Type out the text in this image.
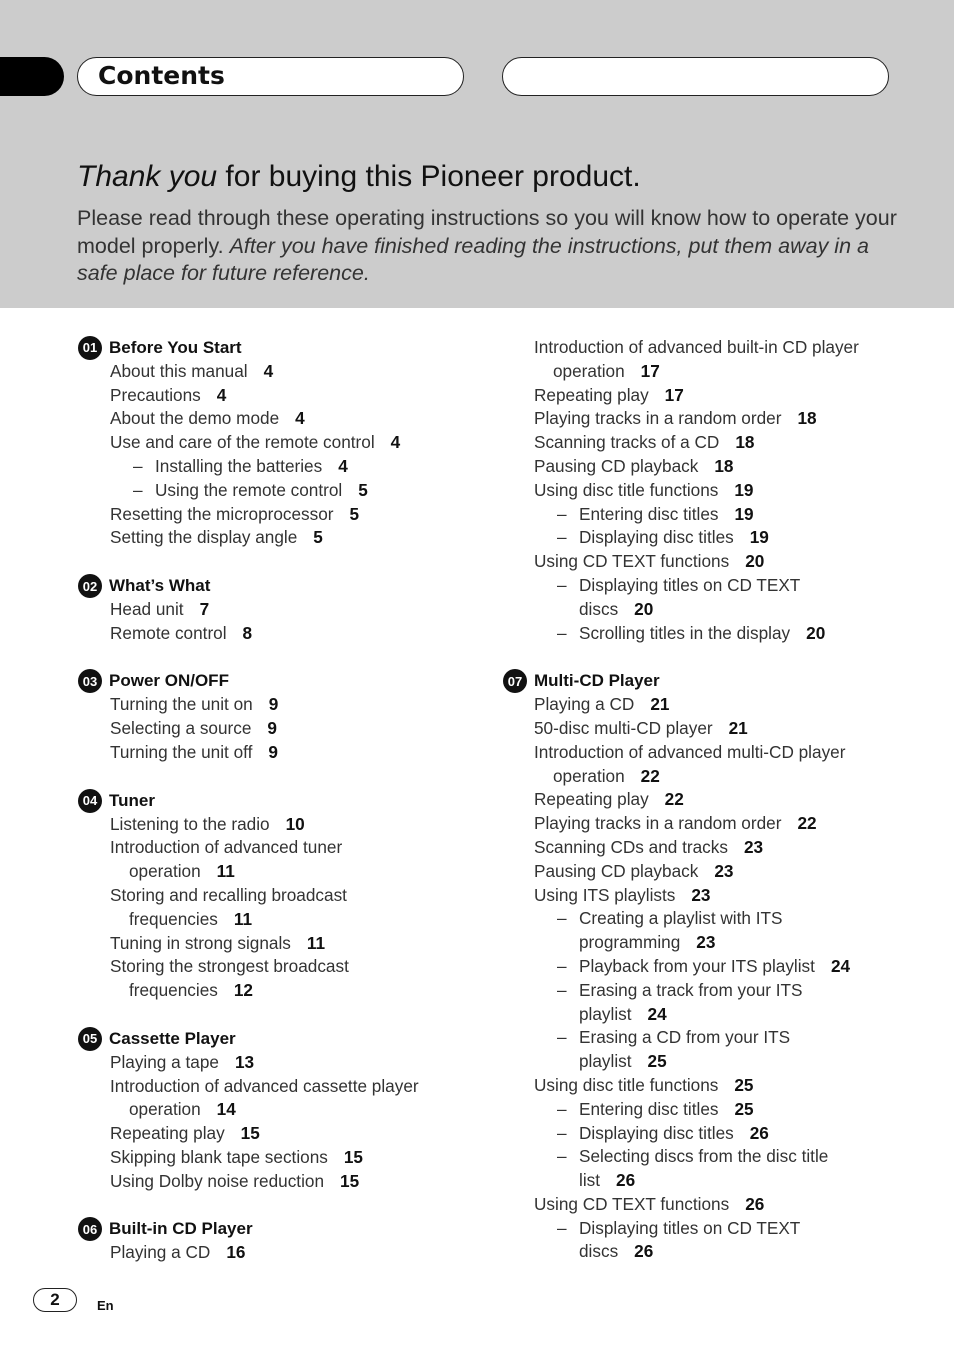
Contents
Thank you for buying this Pioneer product.

Please read through these operating instructions so you will know how to operate your model properly. After you have finished reading the instructions, put them away in a safe place for future reference.

01 Before You Start
About this manual 4
Precautions 4
About the demo mode 4
Use and care of the remote control 4
– Installing the batteries 4
– Using the remote control 5
Resetting the microprocessor 5
Setting the display angle 5
02 What’s What
Head unit 7
Remote control 8
03 Power ON/OFF
Turning the unit on 9
Selecting a source 9
Turning the unit off 9
04 Tuner
Listening to the radio 10
Introduction of advanced tuner
operation 11
Storing and recalling broadcast
frequencies 11
Tuning in strong signals 11
Storing the strongest broadcast
frequencies 12
05 Cassette Player
Playing a tape 13
Introduction of advanced cassette player
operation 14
Repeating play 15
Skipping blank tape sections 15
Using Dolby noise reduction 15
06 Built-in CD Player
Playing a CD 16
Introduction of advanced built-in CD player
operation 17
Repeating play 17
Playing tracks in a random order 18
Scanning tracks of a CD 18
Pausing CD playback 18
Using disc title functions 19
– Entering disc titles 19
– Displaying disc titles 19
Using CD TEXT functions 20
– Displaying titles on CD TEXT
discs 20
– Scrolling titles in the display 20
07 Multi-CD Player
Playing a CD 21
50-disc multi-CD player 21
Introduction of advanced multi-CD player
operation 22
Repeating play 22
Playing tracks in a random order 22
Scanning CDs and tracks 23
Pausing CD playback 23
Using ITS playlists 23
– Creating a playlist with ITS
programming 23
– Playback from your ITS playlist 24
– Erasing a track from your ITS
playlist 24
– Erasing a CD from your ITS
playlist 25
Using disc title functions 25
– Entering disc titles 25
– Displaying disc titles 26
– Selecting discs from the disc title
list 26
Using CD TEXT functions 26
– Displaying titles on CD TEXT
discs 26
2	En
